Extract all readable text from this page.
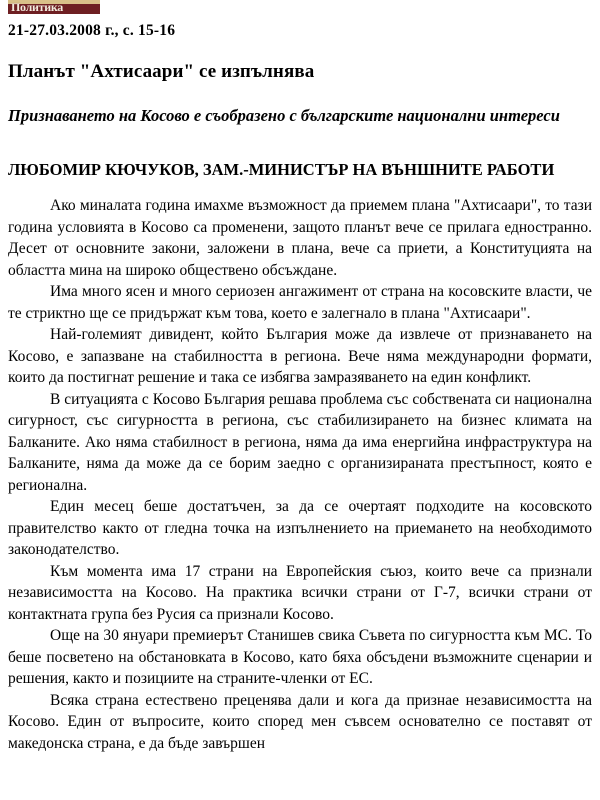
Политика
21-27.03.2008 г., с. 15-16
Планът "Ахтисаари" се изпълнява
Признаването на Косово е съобразено с българските национални интереси
ЛЮБОМИР КЮЧУКОВ, ЗАМ.-МИНИСТЪР НА ВЪНШНИТЕ РАБОТИ

Ако миналата година имахме възможност да приемем плана "Ахтисаари", то тази година условията в Косово са променени, защото планът вече се прилага едностранно. Десет от основните закони, заложени в плана, вече са приети, а Конституцията на областта мина на широко обществено обсъждане.

Има много ясен и много сериозен ангажимент от страна на косовските власти, че те стриктно ще се придържат към това, което е залегнало в плана "Ахтисаари".

Най-големият дивидент, който България може да извлече от признаването на Косово, е запазване на стабилността в региона. Вече няма международни формати, които да постигнат решение и така се избягва замразяването на един конфликт.

В ситуацията с Косово България решава проблема със собствената си национална сигурност, със сигурността в региона, със стабилизирането на бизнес климата на Балканите. Ако няма стабилност в региона, няма да има енергийна инфраструктура на Балканите, няма да може да се борим заедно с организираната престъпност, която е регионална.

Един месец беше достатъчен, за да се очертаят подходите на косовското правителство както от гледна точка на изпълнението на приемането на необходимото законодателство.

Към момента има 17 страни на Европейския съюз, които вече са признали независимостта на Косово. На практика всички страни от Г-7, всички страни от контактната група без Русия са признали Косово.

Още на 30 януари премиерът Станишев свика Съвета по сигурността към МС. То беше посветено на обстановката в Косово, като бяха обсъдени възможните сценарии и решения, както и позициите на страните-членки от ЕС.

Всяка страна естествено преценява дали и кога да признае независимостта на Косово. Един от въпросите, които според мен съвсем основателно се поставят от македонска страна, е да бъде завършен
